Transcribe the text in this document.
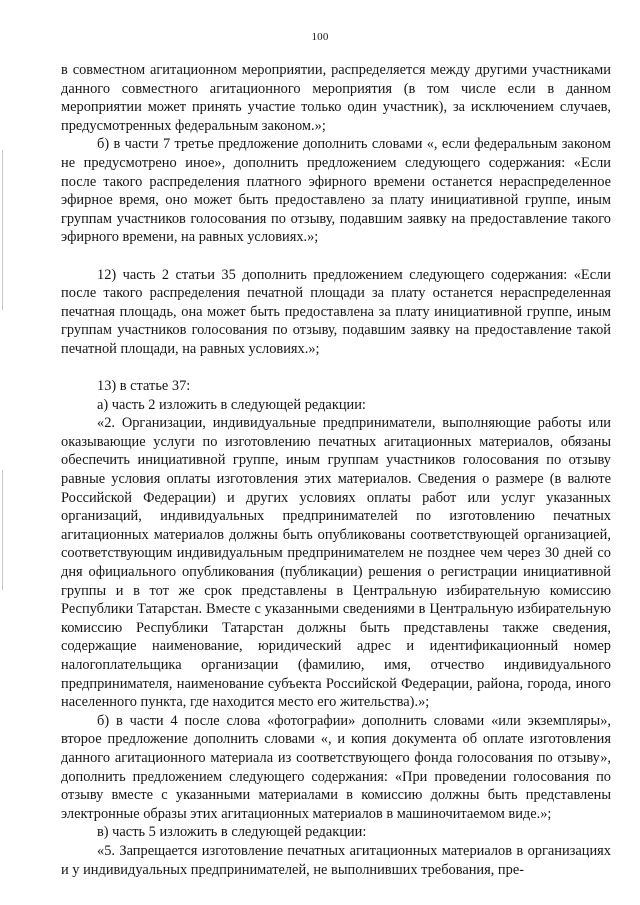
100

в совместном агитационном мероприятии, распределяется между другими участниками данного совместного агитационного мероприятия (в том числе если в данном мероприятии может принять участие только один участник), за исключением случаев, предусмотренных федеральным законом.»;

б) в части 7 третье предложение дополнить словами «, если федеральным законом не предусмотрено иное», дополнить предложением следующего содержания: «Если после такого распределения платного эфирного времени останется нераспределенное эфирное время, оно может быть предоставлено за плату инициативной группе, иным группам участников голосования по отзыву, подавшим заявку на предоставление такого эфирного времени, на равных условиях.»;

12) часть 2 статьи 35 дополнить предложением следующего содержания: «Если после такого распределения печатной площади за плату останется нераспределенная печатная площадь, она может быть предоставлена за плату инициативной группе, иным группам участников голосования по отзыву, подавшим заявку на предоставление такой печатной площади, на равных условиях.»;

13) в статье 37:

а) часть 2 изложить в следующей редакции:

«2. Организации, индивидуальные предприниматели, выполняющие работы или оказывающие услуги по изготовлению печатных агитационных материалов, обязаны обеспечить инициативной группе, иным группам участников голосования по отзыву равные условия оплаты изготовления этих материалов. Сведения о размере (в валюте Российской Федерации) и других условиях оплаты работ или услуг указанных организаций, индивидуальных предпринимателей по изготовлению печатных агитационных материалов должны быть опубликованы соответствующей организацией, соответствующим индивидуальным предпринимателем не позднее чем через 30 дней со дня официального опубликования (публикации) решения о регистрации инициативной группы и в тот же срок представлены в Центральную избирательную комиссию Республики Татарстан. Вместе с указанными сведениями в Центральную избирательную комиссию Республики Татарстан должны быть представлены также сведения, содержащие наименование, юридический адрес и идентификационный номер налогоплательщика организации (фамилию, имя, отчество индивидуального предпринимателя, наименование субъекта Российской Федерации, района, города, иного населенного пункта, где находится место его жительства).»;

б) в части 4 после слова «фотографии» дополнить словами «или экземпляры», второе предложение дополнить словами «, и копия документа об оплате изготовления данного агитационного материала из соответствующего фонда голосования по отзыву», дополнить предложением следующего содержания: «При проведении голосования по отзыву вместе с указанными материалами в комиссию должны быть представлены электронные образы этих агитационных материалов в машиночитаемом виде.»;

в) часть 5 изложить в следующей редакции:

«5. Запрещается изготовление печатных агитационных материалов в организациях и у индивидуальных предпринимателей, не выполнивших требования, пре-
